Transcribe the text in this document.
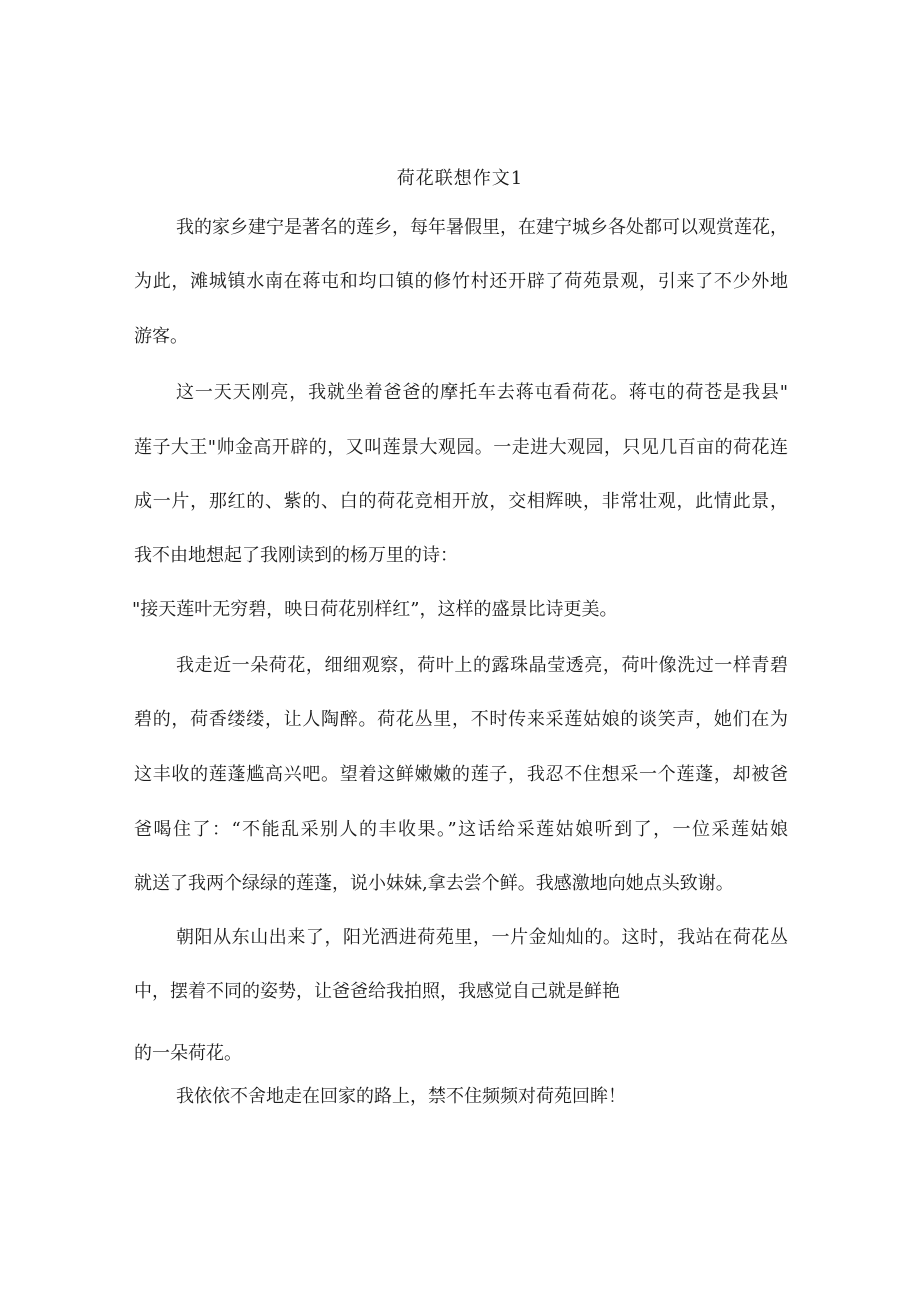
荷花联想作文1
我的家乡建宁是著名的莲乡，每年暑假里，在建宁城乡各处都可以观赏莲花，
为此，滩城镇水南在蒋屯和均口镇的修竹村还开辟了荷苑景观，引来了不少外地
游客。
这一天天刚亮，我就坐着爸爸的摩托车去蒋屯看荷花。蒋屯的荷苍是我县"
莲子大王"帅金高开辟的，又叫莲景大观园。一走进大观园，只见几百亩的荷花连
成一片，那红的、紫的、白的荷花竞相开放，交相辉映，非常壮观，此情此景，
我不由地想起了我刚读到的杨万里的诗：
"接天莲叶无穷碧，映日荷花别样红”，这样的盛景比诗更美。
我走近一朵荷花，细细观察，荷叶上的露珠晶莹透亮，荷叶像洗过一样青碧
碧的，荷香缕缕，让人陶醉。荷花丛里，不时传来采莲姑娘的谈笑声，她们在为
这丰收的莲蓬尴高兴吧。望着这鲜嫩嫩的莲子，我忍不住想采一个莲蓬，却被爸
爸喝住了：“不能乱采别人的丰收果。”这话给采莲姑娘听到了，一位采莲姑娘
就送了我两个绿绿的莲蓬，说小妹妹,拿去尝个鲜。我感激地向她点头致谢。
朝阳从东山出来了，阳光洒进荷苑里，一片金灿灿的。这时，我站在荷花丛
中，摆着不同的姿势，让爸爸给我拍照，我感觉自己就是鲜艳
的一朵荷花。
我依依不舍地走在回家的路上，禁不住频频对荷苑回眸！
